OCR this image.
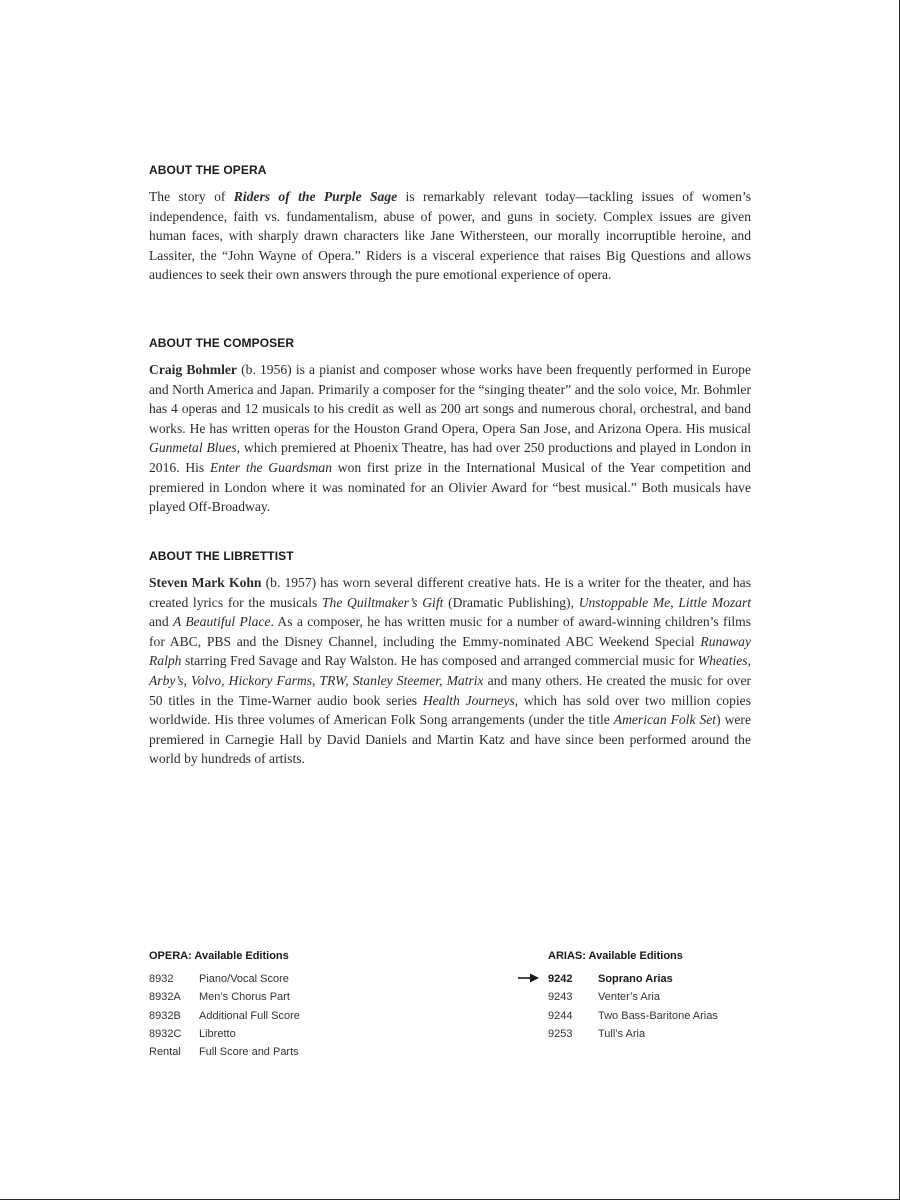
ABOUT THE OPERA

The story of Riders of the Purple Sage is remarkably relevant today—tackling issues of women’s independence, faith vs. fundamentalism, abuse of power, and guns in society. Complex issues are given human faces, with sharply drawn characters like Jane Withersteen, our morally incorruptible heroine, and Lassiter, the “John Wayne of Opera.” Riders is a visceral experience that raises Big Questions and allows audiences to seek their own answers through the pure emotional experience of opera.

ABOUT THE COMPOSER

Craig Bohmler (b. 1956) is a pianist and composer whose works have been frequently performed in Europe and North America and Japan. Primarily a composer for the “singing theater” and the solo voice, Mr. Bohmler has 4 operas and 12 musicals to his credit as well as 200 art songs and numerous choral, orchestral, and band works. He has written operas for the Houston Grand Opera, Opera San Jose, and Arizona Opera. His musical Gunmetal Blues, which premiered at Phoenix Theatre, has had over 250 productions and played in London in 2016. His Enter the Guardsman won first prize in the International Musical of the Year competition and premiered in London where it was nominated for an Olivier Award for “best musical.” Both musicals have played Off-Broadway.

ABOUT THE LIBRETTIST

Steven Mark Kohn (b. 1957) has worn several different creative hats. He is a writer for the theater, and has created lyrics for the musicals The Quiltmaker’s Gift (Dramatic Publishing), Unstoppable Me, Little Mozart and A Beautiful Place. As a composer, he has written music for a number of award-winning children’s films for ABC, PBS and the Disney Channel, including the Emmy-nominated ABC Weekend Special Runaway Ralph starring Fred Savage and Ray Walston. He has composed and arranged commercial music for Wheaties, Arby’s, Volvo, Hickory Farms, TRW, Stanley Steemer, Matrix and many others. He created the music for over 50 titles in the Time-Warner audio book series Health Journeys, which has sold over two million copies worldwide. His three volumes of American Folk Song arrangements (under the title American Folk Set) were premiered in Carnegie Hall by David Daniels and Martin Katz and have since been performed around the world by hundreds of artists.

OPERA: Available Editions
8932	Piano/Vocal Score
8932A	Men’s Chorus Part
8932B	Additional Full Score
8932C	Libretto
Rental	Full Score and Parts
ARIAS: Available Editions
9242	Soprano Arias
9243	Venter’s Aria
9244	Two Bass-Baritone Arias
9253	Tull’s Aria
